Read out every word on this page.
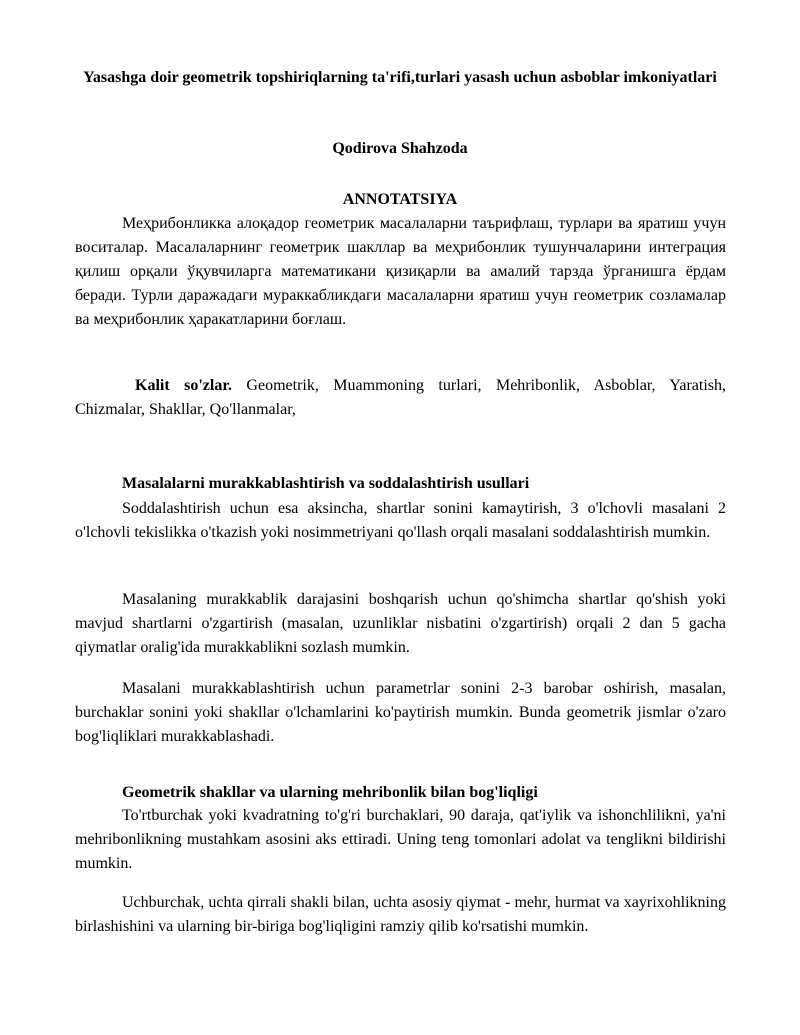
Yasashga doir geometrik topshiriqlarning ta'rifi,turlari yasash uchun asboblar imkoniyatlari
Qodirova Shahzoda
ANNOTATSIYA
Меҳрибонликка алоқадор геометрик масалаларни таърифлаш, турлари ва яратиш учун воситалар. Масалаларнинг геометрик шакллар ва меҳрибонлик тушунчаларини интеграция қилиш орқали ўқувчиларга математикани қизиқарли ва амалий тарзда ўрганишга ёрдам беради. Турли даражадаги мураккабликдаги масалаларни яратиш учун геометрик созламалар ва меҳрибонлик ҳаракатларини боғлаш.
Kalit so'zlar. Geometrik, Muammoning turlari, Mehribonlik, Asboblar, Yaratish, Chizmalar, Shakllar, Qo'llanmalar,
Masalalarni murakkablashtirish va soddalashtirish usullari
Soddalashtirish uchun esa aksincha, shartlar sonini kamaytirish, 3 o'lchovli masalani 2 o'lchovli tekislikka o'tkazish yoki nosimmetriyani qo'llash orqali masalani soddalashtirish mumkin.
Masalaning murakkablik darajasini boshqarish uchun qo'shimcha shartlar qo'shish yoki mavjud shartlarni o'zgartirish (masalan, uzunliklar nisbatini o'zgartirish) orqali 2 dan 5 gacha qiymatlar oralig'ida murakkablikni sozlash mumkin.
Masalani murakkablashtirish uchun parametrlar sonini 2-3 barobar oshirish, masalan, burchaklar sonini yoki shakllar o'lchamlarini ko'paytirish mumkin. Bunda geometrik jismlar o'zaro bog'liqliklari murakkablashadi.
Geometrik shakllar va ularning mehribonlik bilan bog'liqligi
To'rtburchak yoki kvadratning to'g'ri burchaklari, 90 daraja, qat'iylik va ishonchlilikni, ya'ni mehribonlikning mustahkam asosini aks ettiradi. Uning teng tomonlari adolat va tenglikni bildirishi mumkin.
Uchburchak, uchta qirrali shakli bilan, uchta asosiy qiymat - mehr, hurmat va xayrixohlikning birlashishini va ularning bir-biriga bog'liqligini ramziy qilib ko'rsatishi mumkin.
